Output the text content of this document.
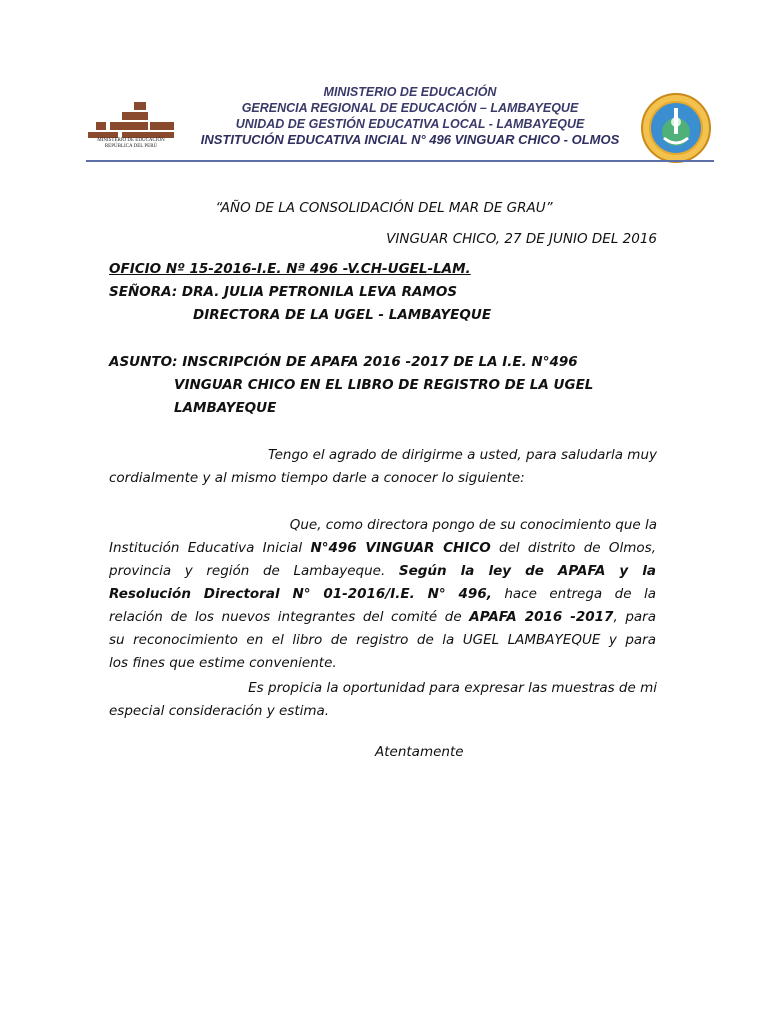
MINISTERIO DE EDUCACIÓN
REPÚBLICA DEL PERÚ
MINISTERIO DE EDUCACIÓN
GERENCIA REGIONAL DE EDUCACIÓN – LAMBAYEQUE
UNIDAD DE GESTIÓN EDUCATIVA LOCAL - LAMBAYEQUE
INSTITUCIÓN EDUCATIVA INCIAL N° 496 VINGUAR CHICO - OLMOS
“AÑO DE LA CONSOLIDACIÓN DEL MAR DE GRAU”
VINGUAR CHICO, 27 DE JUNIO DEL 2016
OFICIO Nº 15-2016-I.E. Nª 496 -V.CH-UGEL-LAM.
SEÑORA: DRA. JULIA PETRONILA LEVA RAMOS
DIRECTORA DE LA UGEL - LAMBAYEQUE
ASUNTO: INSCRIPCIÓN DE APAFA 2016 -2017 DE LA I.E. N°496
VINGUAR CHICO EN EL LIBRO DE REGISTRO DE LA UGEL
LAMBAYEQUE
Tengo el agrado de dirigirme a usted, para saludarla muy
cordialmente y al mismo tiempo darle a conocer lo siguiente:
Que, como directora pongo de su conocimiento que la
Institución Educativa Inicial N°496 VINGUAR CHICO del distrito de Olmos,
provincia y región de Lambayeque. Según la ley de APAFA y la
Resolución Directoral N° 01-2016/I.E. N° 496, hace entrega de la
relación de los nuevos integrantes del comité de APAFA 2016 -2017, para
su reconocimiento en el libro de registro de la UGEL LAMBAYEQUE y para
los fines que estime conveniente.
Es propicia la oportunidad para expresar las muestras de mi
especial consideración y estima.
Atentamente
